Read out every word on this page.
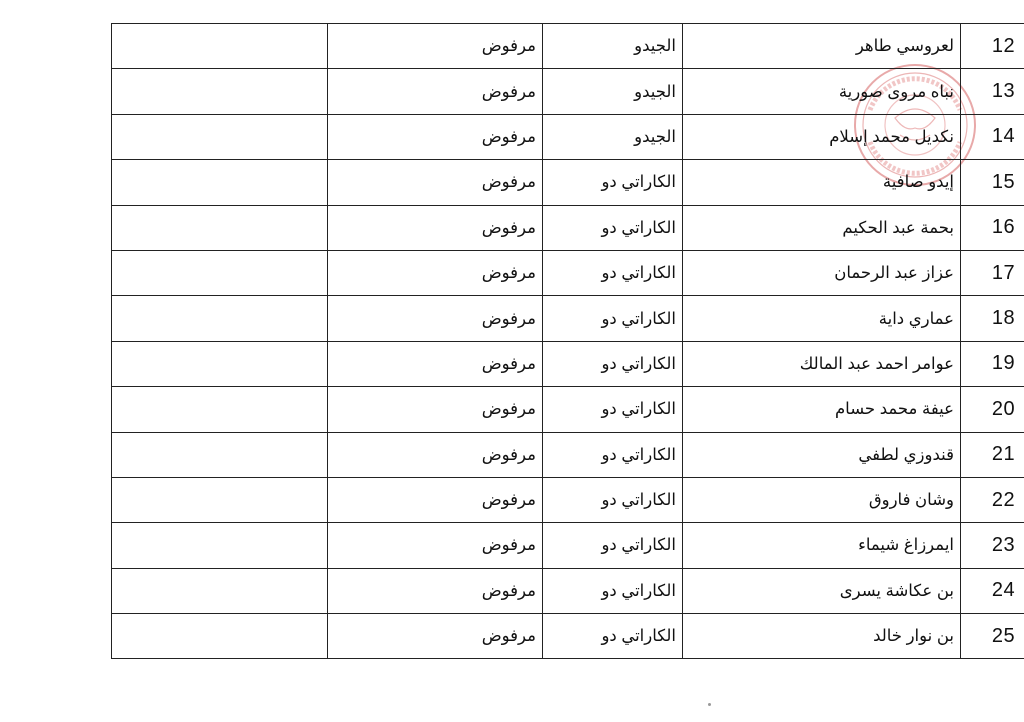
	مرفوض	الجيدو	لعروسي طاهر	12
	مرفوض	الجيدو	نباه مروى صورية	13
	مرفوض	الجيدو	نكديل محمد إسلام	14
	مرفوض	الكاراتي دو	إيدو صافية	15
	مرفوض	الكاراتي دو	بحمة عبد الحكيم	16
	مرفوض	الكاراتي دو	عزاز عبد الرحمان	17
	مرفوض	الكاراتي دو	عماري داية	18
	مرفوض	الكاراتي دو	عوامر احمد عبد المالك	19
	مرفوض	الكاراتي دو	عيفة محمد حسام	20
	مرفوض	الكاراتي دو	قندوزي لطفي	21
	مرفوض	الكاراتي دو	وشان فاروق	22
	مرفوض	الكاراتي دو	ايمرزاغ شيماء	23
	مرفوض	الكاراتي دو	بن عكاشة يسرى	24
	مرفوض	الكاراتي دو	بن نوار خالد	25
